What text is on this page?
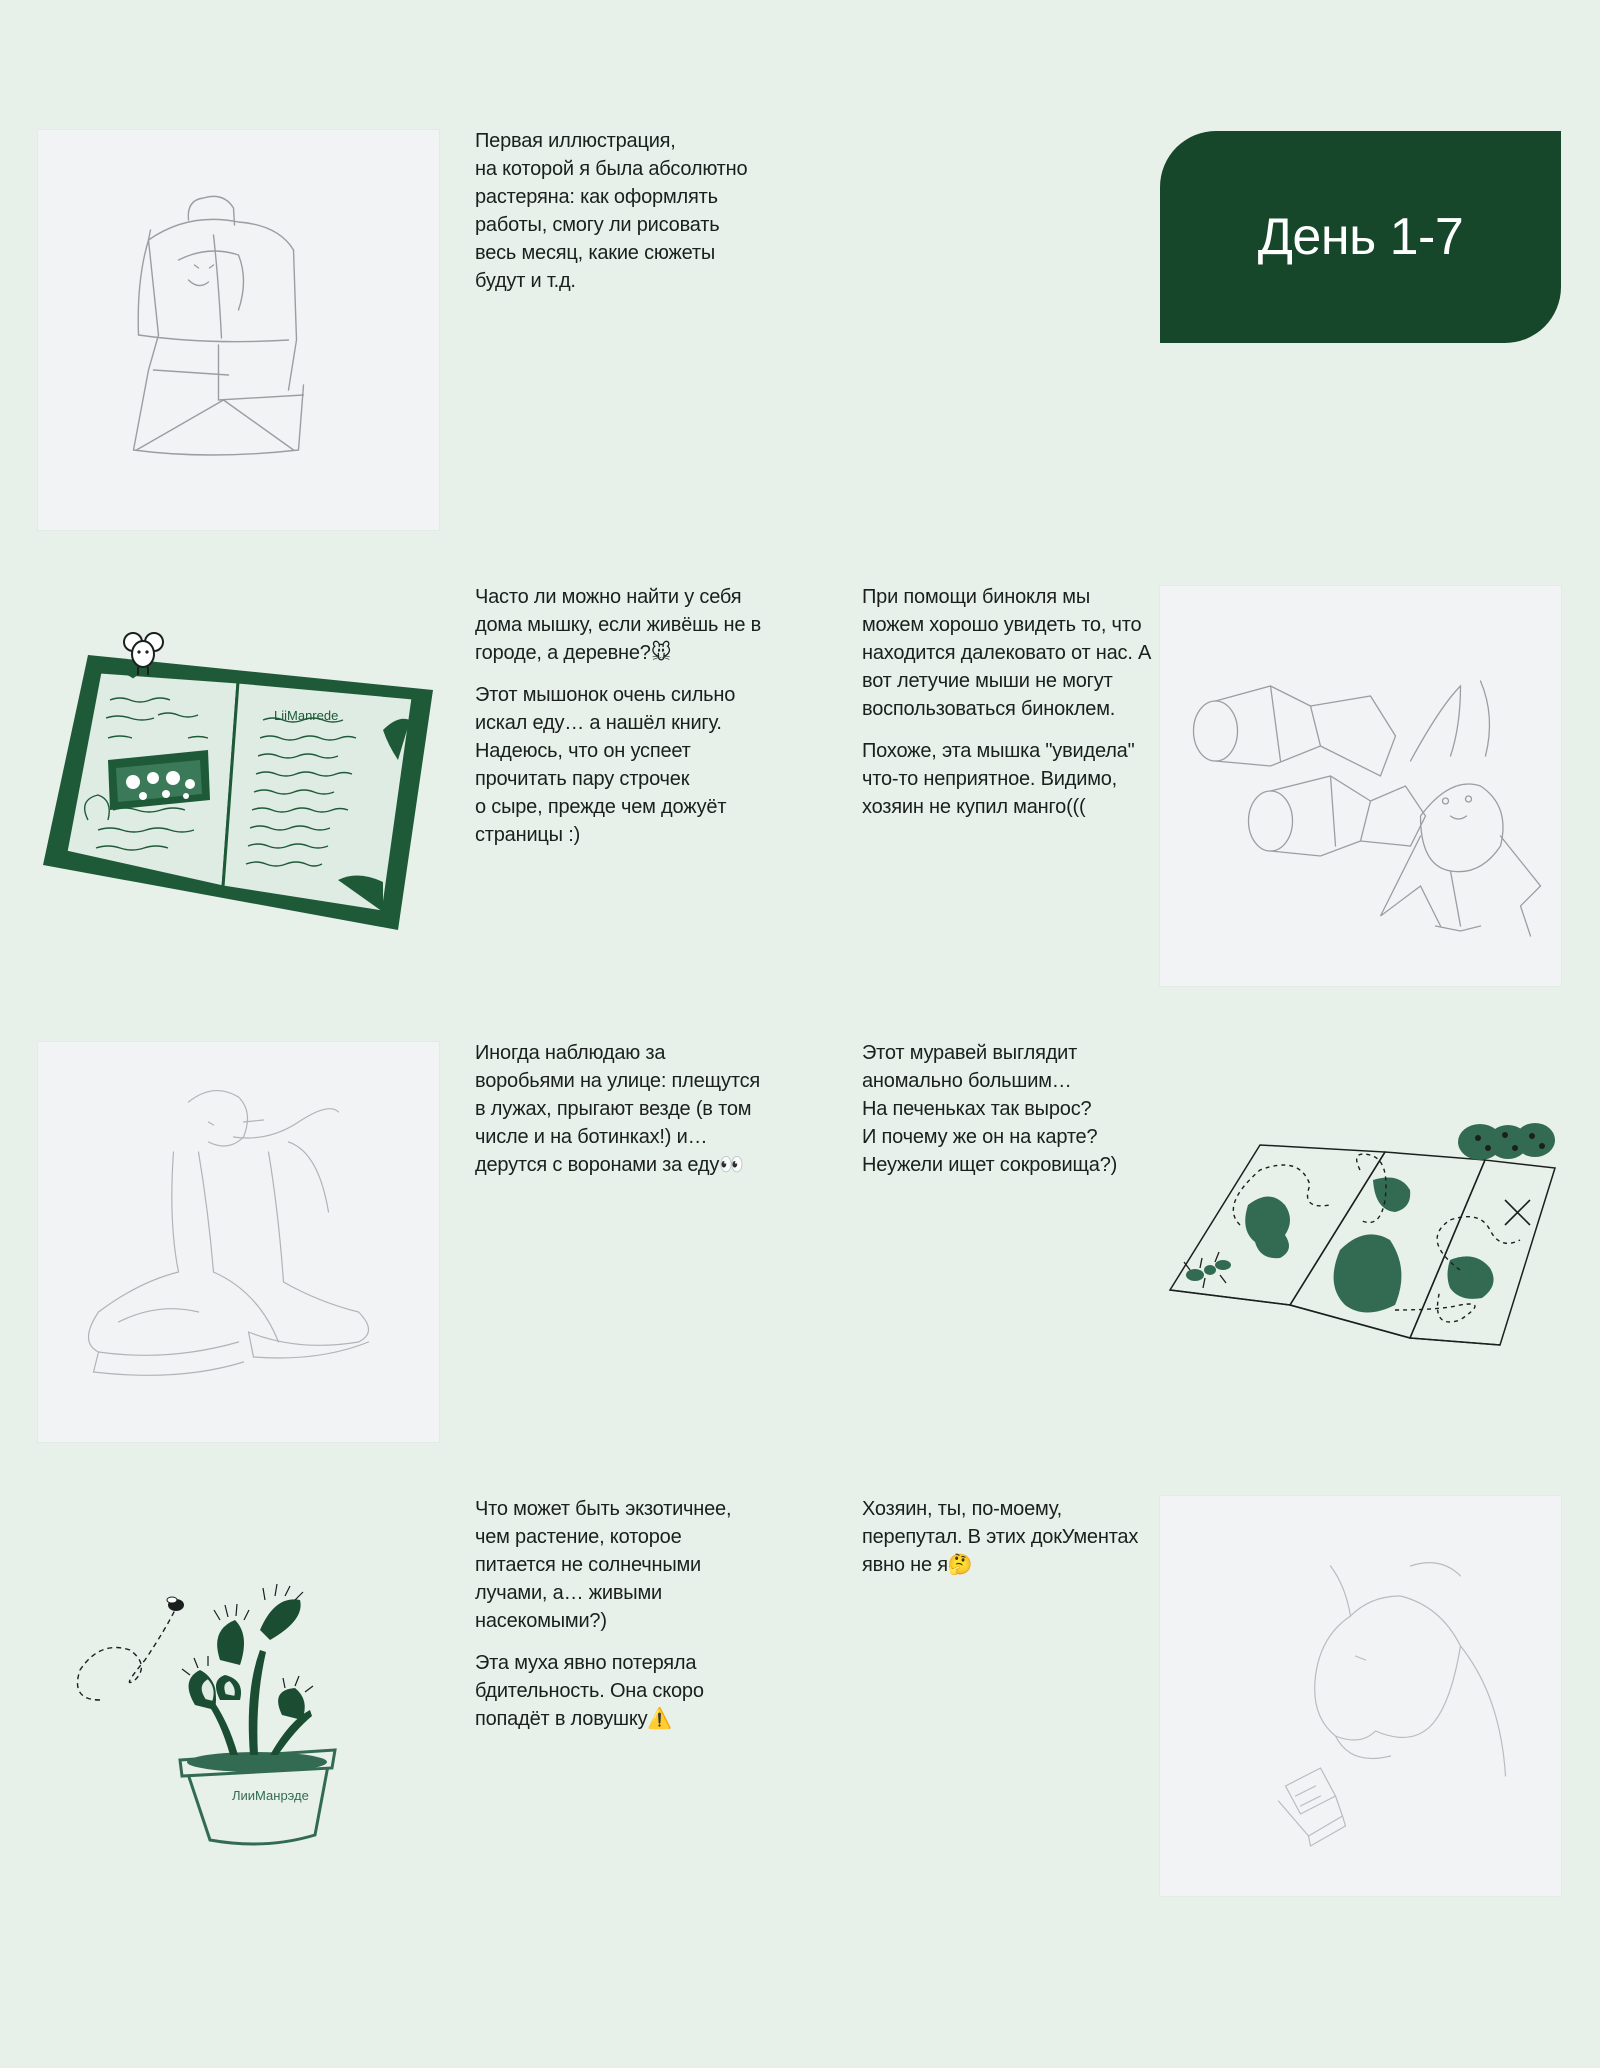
День 1-7

Первая иллюстрация,
на которой я была абсолютно растеряна: как оформлять работы, смогу ли рисовать весь месяц, какие сюжеты будут и т.д.

LiiManrede

Часто ли можно найти у себя дома мышку, если живёшь не в городе, а деревне?🐭

Этот мышонок очень сильно искал еду… а нашёл книгу. Надеюсь, что он успеет прочитать пару строчек
о сыре, прежде чем дожуёт страницы :)

При помощи бинокля мы можем хорошо увидеть то, что находится далековато от нас. А вот летучие мыши не могут воспользоваться биноклем.

Похоже, эта мышка "увидела" что-то неприятное. Видимо, хозяин не купил манго(((

Иногда наблюдаю за воробьями на улице: плещутся в лужах, прыгают везде (в том числе и на ботинках!) и… дерутся с воронами за еду👀

Этот муравей выглядит аномально большим…
На печеньках так вырос?
И почему же он на карте?
Неужели ищет сокровища?)

ЛииМанрэде

Что может быть экзотичнее, чем растение, которое питается не солнечными лучами, а… живыми насекомыми?)

Эта муха явно потеряла бдительность. Она скоро попадёт в ловушку⚠️

Хозяин, ты, по-моему, перепутал. В этих докУментах явно не я🤔
